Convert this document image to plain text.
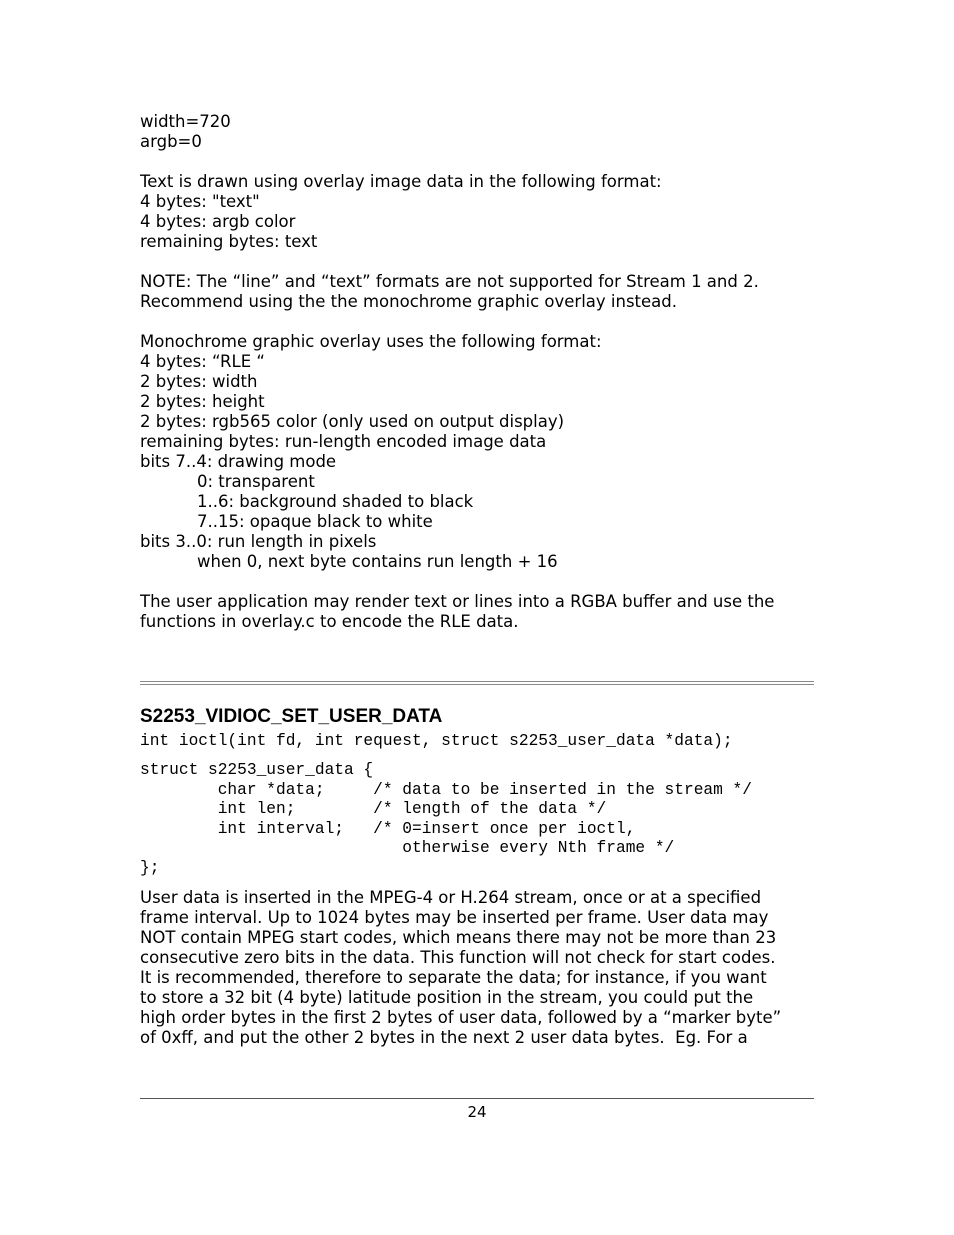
width=720
argb=0

Text is drawn using overlay image data in the following format:
4 bytes: "text"
4 bytes: argb color
remaining bytes: text

NOTE: The “line” and “text” formats are not supported for Stream 1 and 2.
Recommend using the the monochrome graphic overlay instead.

Monochrome graphic overlay uses the following format:
4 bytes: “RLE “
2 bytes: width
2 bytes: height
2 bytes: rgb565 color (only used on output display)
remaining bytes: run-length encoded image data
bits 7..4: drawing mode
0: transparent
1..6: background shaded to black
7..15: opaque black to white
bits 3..0: run length in pixels
when 0, next byte contains run length + 16

The user application may render text or lines into a RGBA buffer and use the
functions in overlay.c to encode the RLE data.
S2253_VIDIOC_SET_USER_DATA
int ioctl(int fd, int request, struct s2253_user_data *data);
struct s2253_user_data {
char *data;     /* data to be inserted in the stream */
int len;        /* length of the data */
int interval;   /* 0=insert once per ioctl,
otherwise every Nth frame */
};
User data is inserted in the MPEG-4 or H.264 stream, once or at a specified
frame interval. Up to 1024 bytes may be inserted per frame. User data may
NOT contain MPEG start codes, which means there may not be more than 23
consecutive zero bits in the data. This function will not check for start codes.
It is recommended, therefore to separate the data; for instance, if you want
to store a 32 bit (4 byte) latitude position in the stream, you could put the
high order bytes in the first 2 bytes of user data, followed by a “marker byte”
of 0xff, and put the other 2 bytes in the next 2 user data bytes.  Eg. For a
24
